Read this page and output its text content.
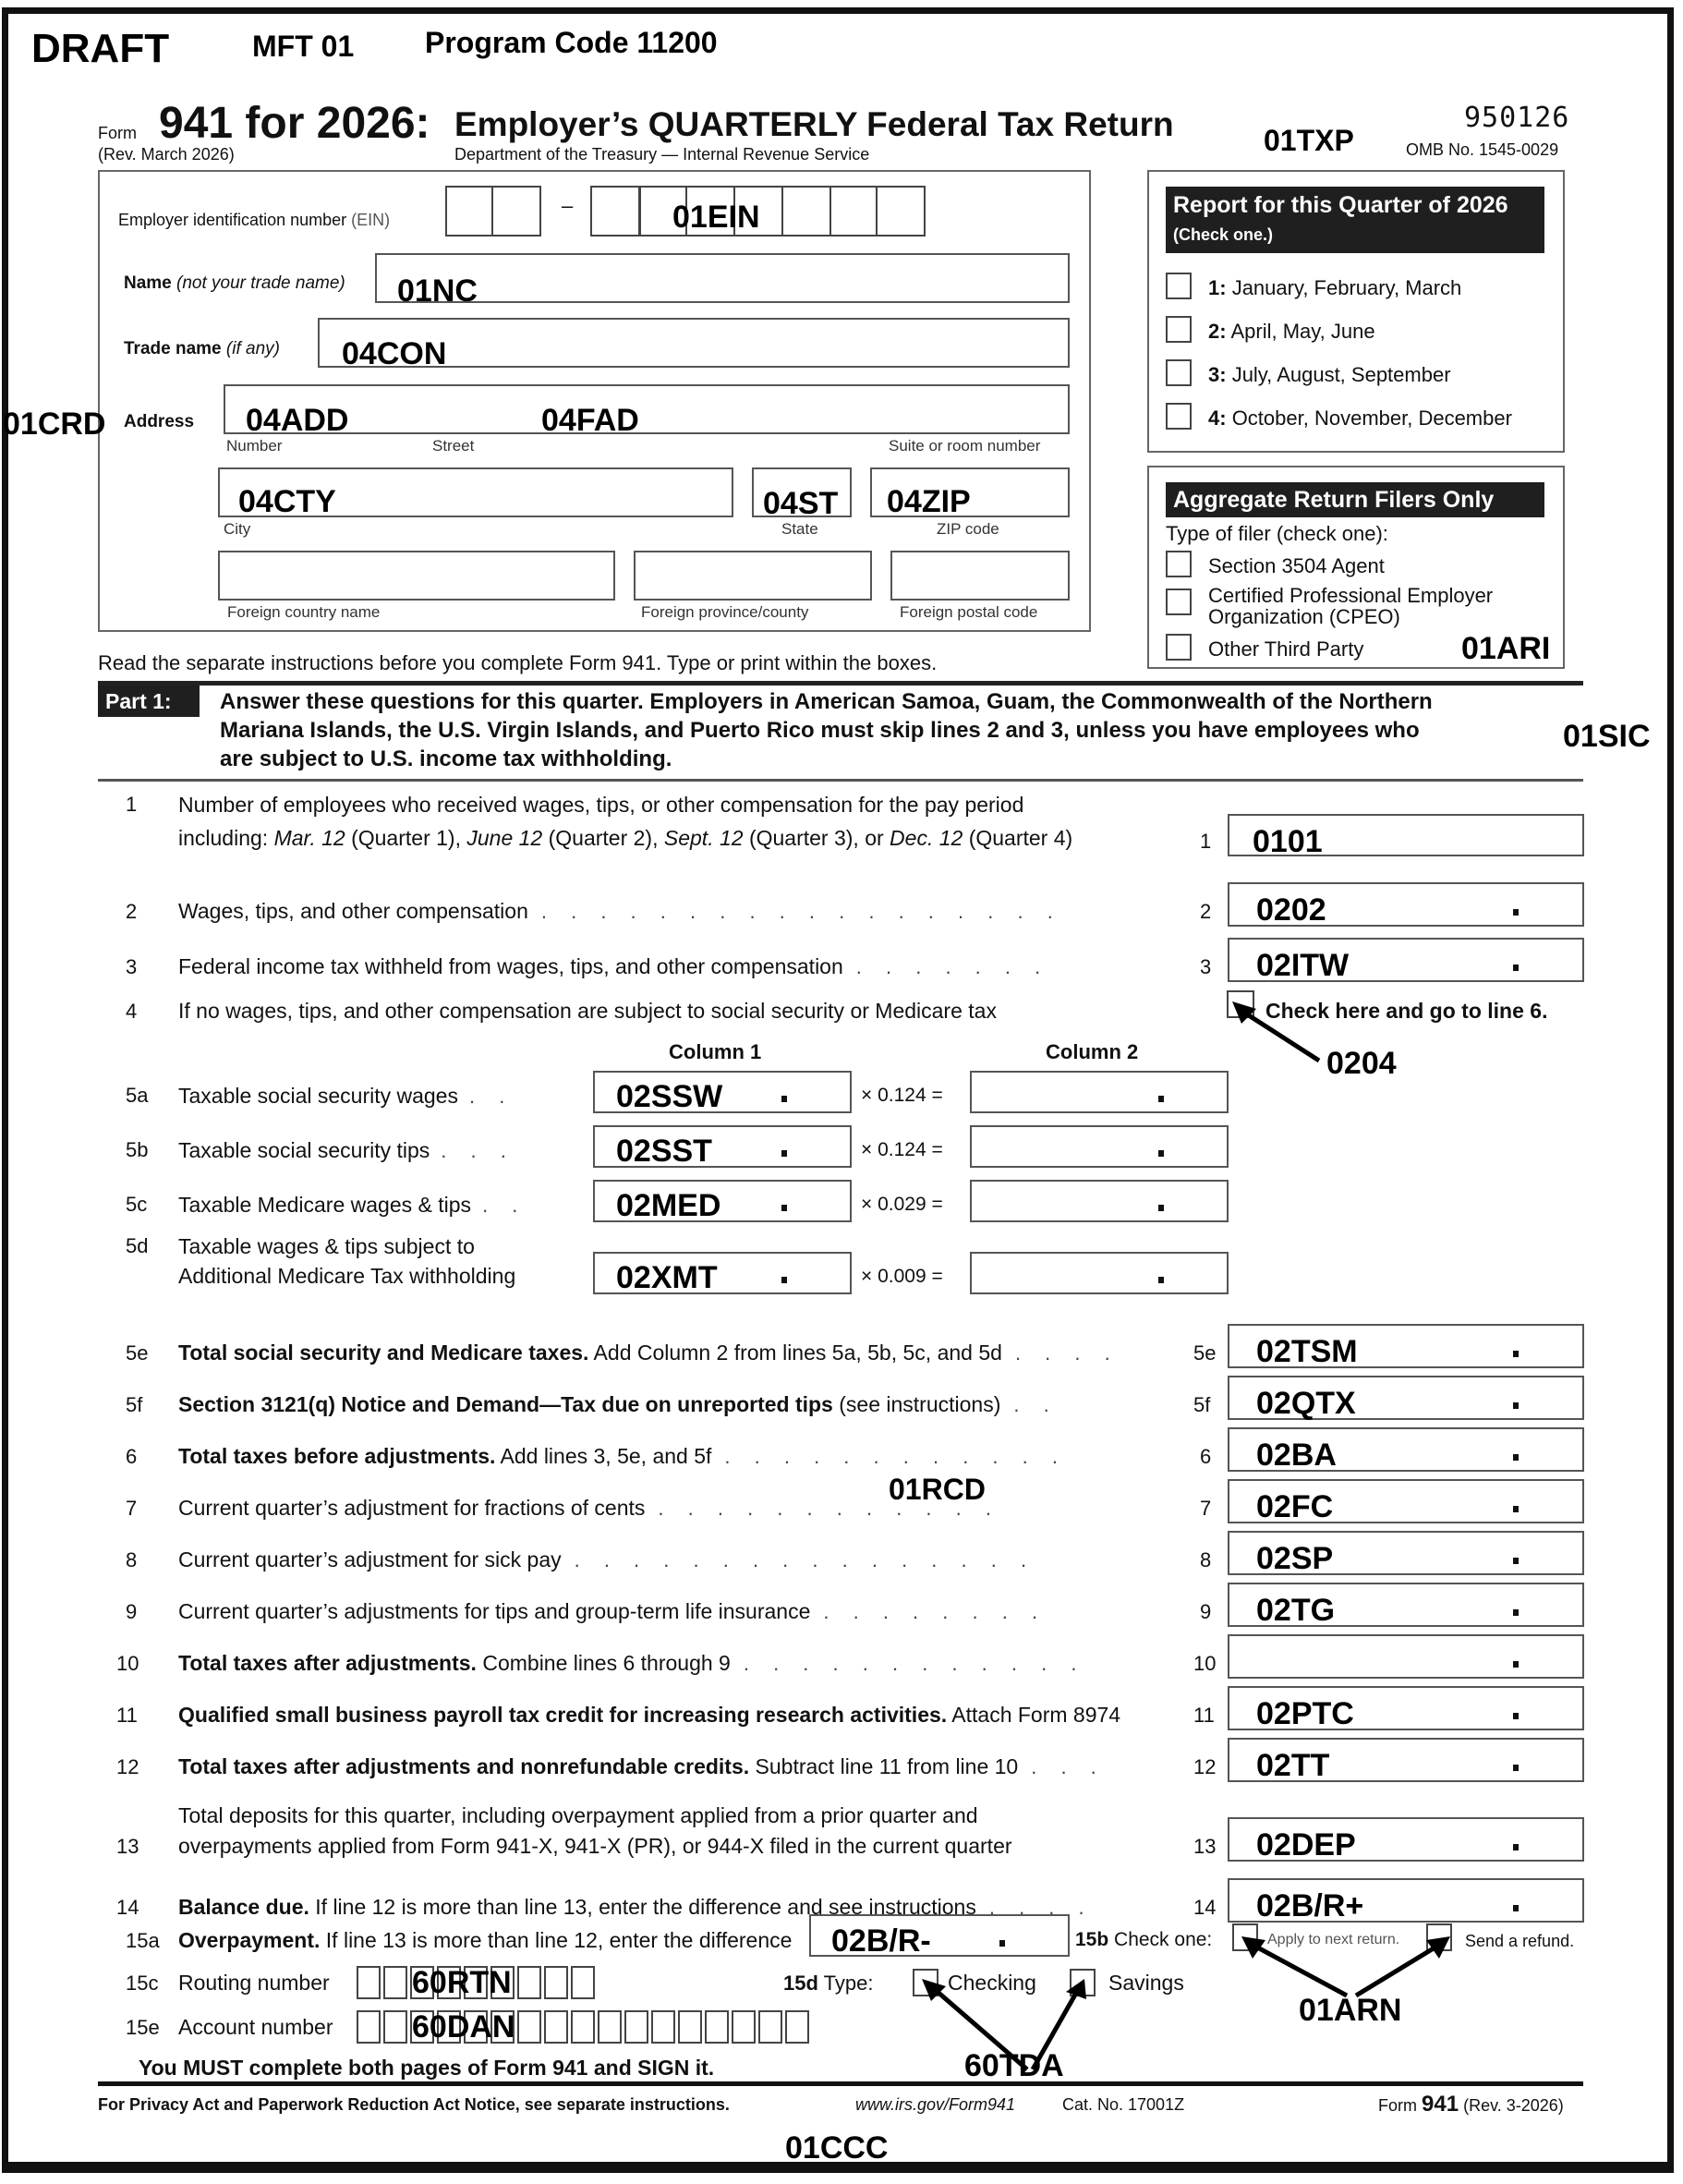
DRAFT	MFT 01 Program Code 11200
Form 941 for 2026: Employer’s QUARTERLY Federal Tax Return
(Rev. March 2026)	Department of the Treasury — Internal Revenue Service	01TXP
950126
OMB No. 1545-0029
Employer identification number (EIN)
–	01EIN
Name (not your trade name) 01NC
Trade name (if any) 04CON
01CRD Address 04ADD	04FAD
Number	Street	Suite or room number
04CTY	04ST 04ZIP
City	State	ZIP code
Foreign country name	Foreign province/county	Foreign postal code
Read the separate instructions before you complete Form 941. Type or print within the boxes.
Report for this Quarter of 2026
(Check one.)
Aggregate Return Filers Only
Type of filer (check one):
Section 3504 Agent
Certified Professional Employer
Organization (CPEO)
Other Third Party	01ARI
Part 1: Answer these questions for this quarter. Employers in American Samoa, Guam, the Commonwealth of the Northern
Mariana Islands, the U.S. Virgin Islands, and Puerto Rico must skip lines 2 and 3, unless you have employees who
are subject to U.S. income tax withholding.
01SIC
1 Number of employees who received wages, tips, or other compensation for the pay period
including: Mar. 12 (Quarter 1), June 12 (Quarter 2), Sept. 12 (Quarter 3), or Dec. 12 (Quarter 4)	1 0101
4 If no wages, tips, and other compensation are subject to social security or Medicare tax	Check here and go to line 6.
0204
Column 1	Column 2
15a Overpayment. If line 13 is more than line 12, enter the difference 02B/R-	15b Check one:	Apply to next return.	Send a refund.
01ARN
15c Routing number	60RTN	15d Type:	Checking	Savings
60TDA
15e Account number	60DAN
You MUST complete both pages of Form 941 and SIGN it.
For Privacy Act and Paperwork Reduction Act Notice, see separate instructions.	www.irs.gov/Form941	Cat. No. 17001Z	Form 941 (Rev. 3-2026)
01CCC
1: January, February, March
2: April, May, June
3: July, August, September
4: October, November, December
2 Wages, tips, and other compensation . . . . . . . . . . . . . . . . . .	2 0202
3 Federal income tax withheld from wages, tips, and other compensation . . . . . . .	3 02ITW
5e Total social security and Medicare taxes. Add Column 2 from lines 5a, 5b, 5c, and 5d . . . .	5e 02TSM
5f Section 3121(q) Notice and Demand—Tax due on unreported tips (see instructions) . .	5f 02QTX
6 Total taxes before adjustments. Add lines 3, 5e, and 5f . . . . . . . . . . . .	6 02BA
7 Current quarter’s adjustment for fractions of cents . . . . . . . . . . . .	7 02FC
8 Current quarter’s adjustment for sick pay . . . . . . . . . . . . . . . .	8 02SP
9 Current quarter’s adjustments for tips and group-term life insurance . . . . . . . .	9 02TG
10 Total taxes after adjustments. Combine lines 6 through 9 . . . . . . . . . . . .	10
11 Qualified small business payroll tax credit for increasing research activities. Attach Form 8974	11 02PTC
12 Total taxes after adjustments and nonrefundable credits. Subtract line 11 from line 10 . . .	12 02TT
13
Total deposits for this quarter, including overpayment applied from a prior quarter and
overpayments applied from Form 941-X, 941-X (PR), or 944-X filed in the current quarter	13 02DEP
14 Balance due. If line 12 is more than line 13, enter the difference and see instructions . . . .	14 02B/R+
01RCD
5a Taxable social security wages . .	02SSW	× 0.124 =
5b Taxable social security tips . . .	02SST	× 0.124 =
5c Taxable Medicare wages & tips . .	02MED	× 0.029 =
5d Taxable wages & tips subject to
Additional Medicare Tax withholding	02XMT	× 0.009 =
